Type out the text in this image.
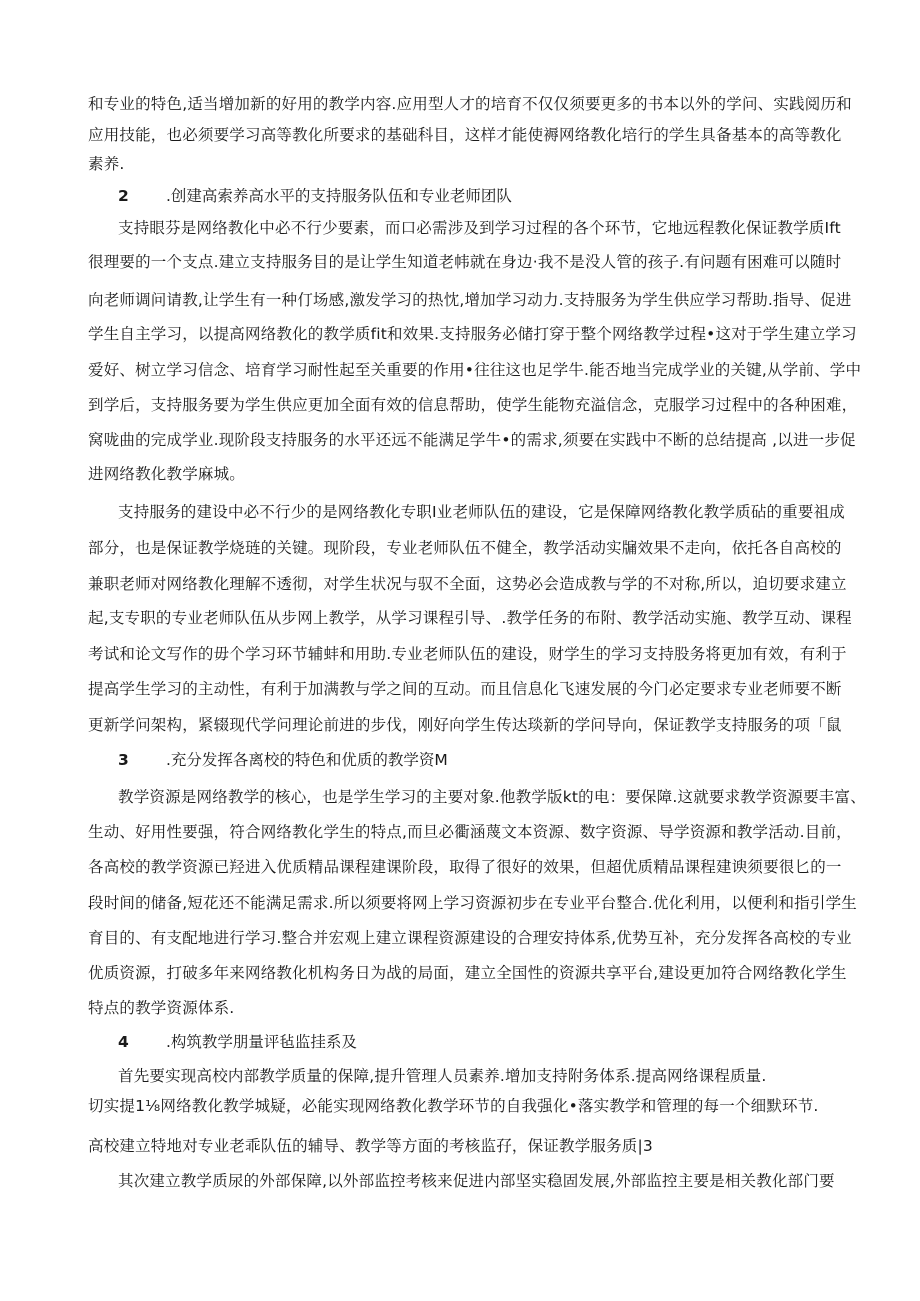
和专业的特色,适当增加新的好用的教学内容.应用型人才的培育不仅仅须要更多的书本以外的学问、实践阅历和
应用技能，也必须要学习高等教化所要求的基础科目，这样才能使褥网络教化培行的学生具备基本的高等教化
素养.
2 .创建高索养高水平的支持服务队伍和专业老师团队
支持眼芬是网络教化中必不行少要素，而口必需涉及到学习过程的各个环节，它地远程教化保证教学质Ift
很理要的一个支点.建立支持服务目的是让学生知道老帏就在身边·我不是没人管的孩子.有问题有困难可以随时
向老师调问请教,让学生有一种仃场感,激发学习的热忱,增加学习动力.支持服务为学生供应学习帮助.指导、促进
学生自主学习，以提高网络教化的教学质fit和效果.支持服务必储打穿于整个网络教学过程•这对于学生建立学习
爱好、树立学习信念、培育学习耐性起至关重要的作用•往往这也足学牛.能否地当完成学业的关键,从学前、学中
到学后，支持服务要为学生供应更加全面有效的信息帮助，使学生能物充溢信念，克服学习过程中的各种困难，
窝咙曲的完成学业.现阶段支持服务的水平还远不能满足学牛•的需求,须要在实践中不断的总结提高 ,以进一步促
进网络教化教学麻城。
支持服务的建设中必不行少的是网络教化专职I业老师队伍的建设，它是保障网络教化教学质砧的重要祖成
部分，也是保证教学烧琏的关键。现阶段，专业老师队伍不健全，教学活动实牖效果不走向，依托各自高校的
兼职老师对网络教化理解不透彻，对学生状况与驭不全面，这势必会造成教与学的不对称,所以，迫切要求建立
起,支专职的专业老师队伍从步网上教学，从学习课程引导、.教学任务的布附、教学活动实施、教学互动、课程
考试和论文写作的毋个学习环节辅蚌和用助.专业老师队伍的建设，财学生的学习支持股务将更加有效，有利于
提高学生学习的主动性，有利于加满教与学之间的互动。而且信息化飞速发展的今门必定要求专业老师要不断
更新学问架构，紧辍现代学问理论前进的步伐，刚好向学生传达琰新的学问导向，保证教学支持服务的项「鼠
3 .充分发挥各离校的特色和优质的教学资M
教学资源是网络教学的核心，也是学生学习的主要对象.他教学版kt的电：要保障.这就要求教学资源要丰富、
生动、好用性要强，符合网络教化学生的特点,而旦必衢涵蔑文本资源、数字资源、导学资源和教学活动.目前，
各高校的教学资源已羟进入优质精品课程建课阶段，取得了很好的效果，但超优质精品课程建谀须要很匕的一
段时间的储备,短花还不能满足需求.所以须要将网上学习资源初步在专业平台整合.优化利用，以便利和指引学生
育目的、有支配地进行学习.整合并宏观上建立课程资源建设的合理安持体系,优势互补，充分发挥各高校的专业
优质资源，打破多年来网络教化机构务日为战的局面，建立全国性的资源共享平台,建设更加符合网络教化学生
特点的教学资源体系.
4 .构筑教学朋量评毡监挂系及
首先要实现高校内部教学质量的保障,提升管理人员素养.增加支持附务体系.提高网络课程质量.
切实提1⅛网络教化教学城疑，必能实现网络教化教学环节的自我强化•落实教学和管理的每一个细默环节.
高校建立特地对专业老乖队伍的辅导、教学等方面的考核监孖，保证教学服务质|3
其次建立教学质尿的外部保障,以外部监控考核来促进内部坚实稳固发展,外部监控主要是相关教化部门要
